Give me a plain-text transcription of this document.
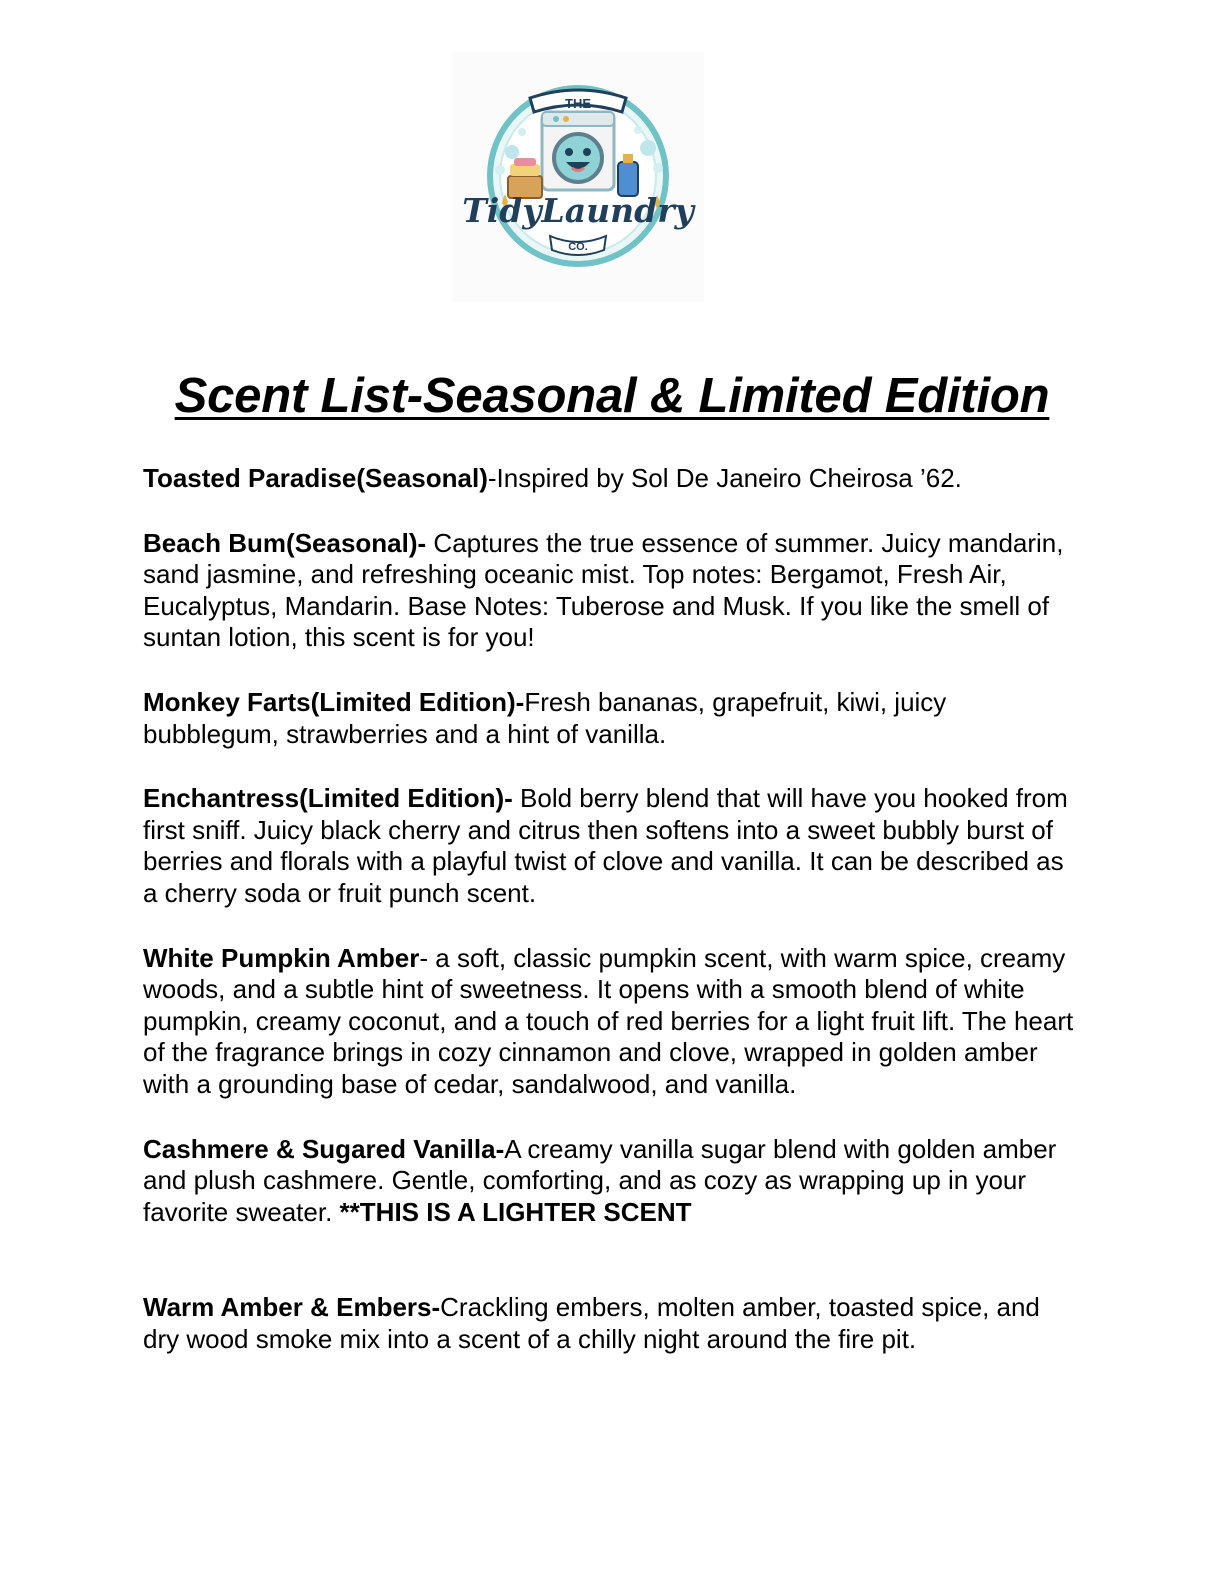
THE
TidyLaundry
CO.
Scent List-Seasonal & Limited Edition

Toasted Paradise(Seasonal)-Inspired by Sol De Janeiro Cheirosa ’62.

Beach Bum(Seasonal)- Captures the true essence of summer. Juicy mandarin, sand jasmine, and refreshing oceanic mist. Top notes: Bergamot, Fresh Air, Eucalyptus, Mandarin. Base Notes: Tuberose and Musk. If you like the smell of suntan lotion, this scent is for you!

Monkey Farts(Limited Edition)-Fresh bananas, grapefruit, kiwi, juicy bubblegum, strawberries and a hint of vanilla.

Enchantress(Limited Edition)- Bold berry blend that will have you hooked from first sniff. Juicy black cherry and citrus then softens into a sweet bubbly burst of berries and florals with a playful twist of clove and vanilla. It can be described as a cherry soda or fruit punch scent.

White Pumpkin Amber- a soft, classic pumpkin scent, with warm spice, creamy woods, and a subtle hint of sweetness. It opens with a smooth blend of white pumpkin, creamy coconut, and a touch of red berries for a light fruit lift. The heart of the fragrance brings in cozy cinnamon and clove, wrapped in golden amber with a grounding base of cedar, sandalwood, and vanilla.

Cashmere & Sugared Vanilla-A creamy vanilla sugar blend with golden amber and plush cashmere. Gentle, comforting, and as cozy as wrapping up in your favorite sweater. **THIS IS A LIGHTER SCENT

Warm Amber & Embers-Crackling embers, molten amber, toasted spice, and dry wood smoke mix into a scent of a chilly night around the fire pit.
